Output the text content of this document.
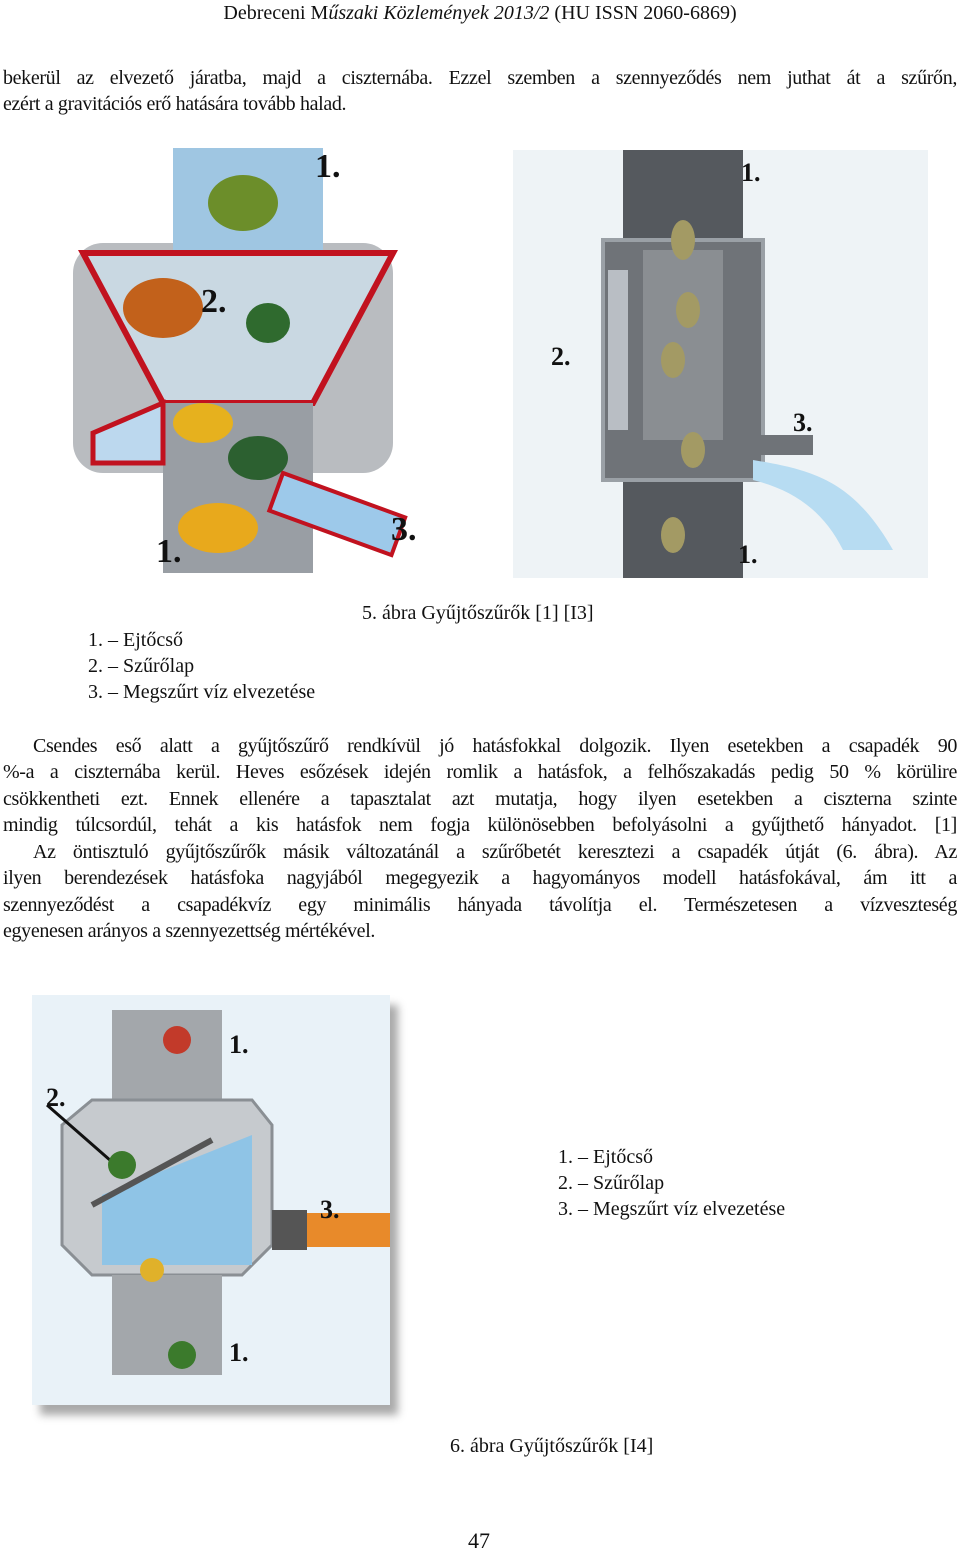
Debreceni Műszaki Közlemények 2013/2 (HU ISSN 2060-6869)
bekerül az elvezető járatba, majd a ciszternába. Ezzel szemben a szennyeződés nem juthat át a szűrőn,
ezért a gravitációs erő hatására tovább halad.
1.
2.
3.
1.
1.
2.
3.
1.
5. ábra Gyűjtőszűrők [1] [I3]
1. – Ejtőcső
2. – Szűrőlap
3. – Megszűrt víz elvezetése
Csendes eső alatt a gyűjtőszűrő rendkívül jó hatásfokkal dolgozik. Ilyen esetekben a csapadék 90
%-a a ciszternába kerül. Heves esőzések idején romlik a hatásfok, a felhőszakadás pedig 50 % körülire
csökkentheti ezt. Ennek ellenére a tapasztalat azt mutatja, hogy ilyen esetekben a ciszterna szinte
mindig túlcsordúl, tehát a kis hatásfok nem fogja különösebben befolyásolni a gyűjthető hányadot. [1]
Az öntisztuló gyűjtőszűrők másik változatánál a szűrőbetét keresztezi a csapadék útját (6. ábra). Az
ilyen berendezések hatásfoka nagyjából megegyezik a hagyományos modell hatásfokával, ám itt a
szennyeződést a csapadékvíz egy minimális hányada távolítja el. Természetesen a vízveszteség
egyenesen arányos a szennyezettség mértékével.
1.
2.
3.
1.
1. – Ejtőcső
2. – Szűrőlap
3. – Megszűrt víz elvezetése
6. ábra Gyűjtőszűrők [I4]
47
